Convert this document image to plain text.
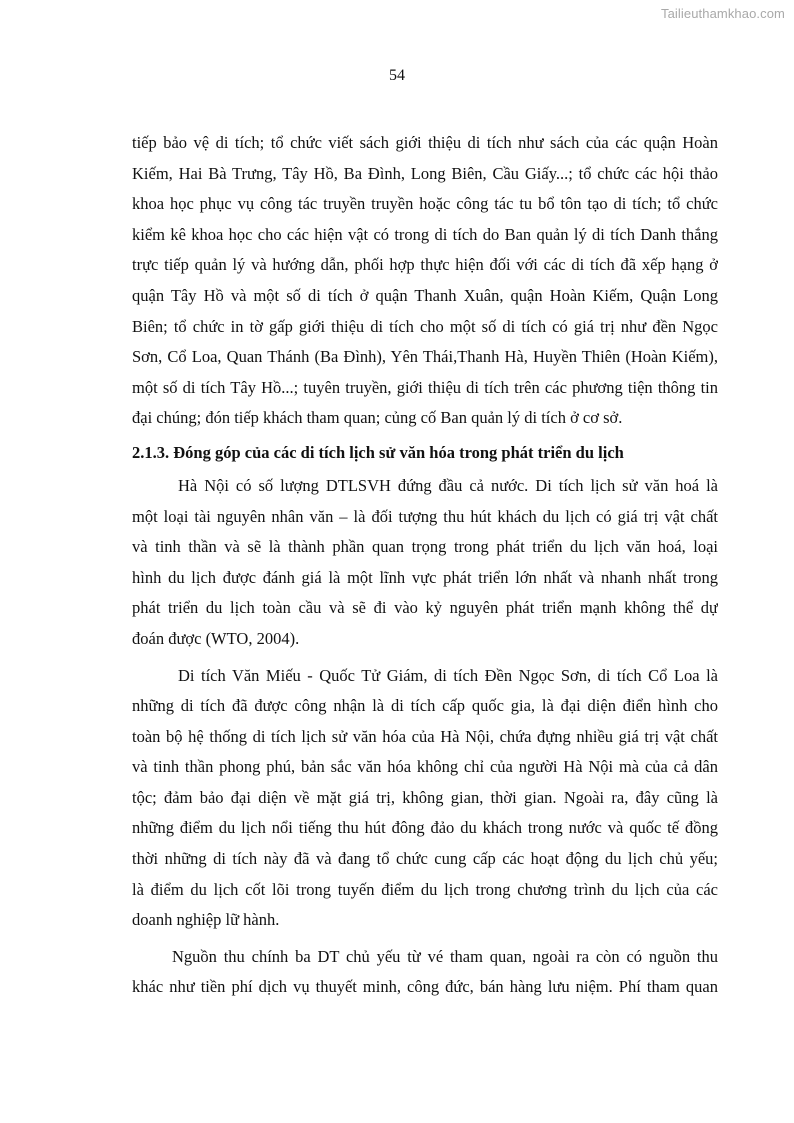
Tailieuthamkhao.com
54
tiếp bảo vệ di tích; tổ chức viết sách giới thiệu di tích như sách của các quận Hoàn
Kiếm, Hai Bà Trưng, Tây Hồ, Ba Đình, Long Biên, Cầu Giấy...; tổ chức các hội thảo
khoa học phục vụ công tác truyền truyền hoặc công tác tu bổ tôn tạo di tích; tổ chức
kiểm kê khoa học cho các hiện vật có trong di tích do Ban quản lý di tích Danh thắng
trực tiếp quản lý và hướng dẫn, phối hợp thực hiện đối với các di tích đã xếp hạng ở
quận Tây Hồ và một số di tích ở quận Thanh Xuân, quận Hoàn Kiếm, Quận Long
Biên; tổ chức in tờ gấp giới thiệu di tích cho một số di tích có giá trị như đền Ngọc
Sơn, Cổ Loa, Quan Thánh (Ba Đình), Yên Thái,Thanh Hà, Huyền Thiên (Hoàn Kiếm),
một số di tích Tây Hồ...; tuyên truyền, giới thiệu di tích trên các phương tiện thông tin
đại chúng; đón tiếp khách tham quan; củng cố Ban quản lý di tích ở cơ sở.
2.1.3. Đóng góp của các di tích lịch sử văn hóa trong phát triển du lịch
Hà Nội có số lượng DTLSVH đứng đầu cả nước. Di tích lịch sử văn hoá là
một loại tài nguyên nhân văn – là đối tượng thu hút khách du lịch có giá trị vật chất
và tinh thần và sẽ là thành phần quan trọng trong phát triển du lịch văn hoá, loại
hình du lịch được đánh giá là một lĩnh vực phát triển lớn nhất và nhanh nhất trong
phát triển du lịch toàn cầu và sẽ đi vào kỷ nguyên phát triển mạnh không thể dự
đoán được (WTO, 2004).
Di tích Văn Miếu - Quốc Tử Giám, di tích Đền Ngọc Sơn, di tích Cổ Loa là
những di tích đã được công nhận là di tích cấp quốc gia, là đại diện điển hình cho
toàn bộ hệ thống di tích lịch sử văn hóa của Hà Nội, chứa đựng nhiều giá trị vật chất
và tinh thần phong phú, bản sắc văn hóa không chỉ của người Hà Nội mà của cả dân
tộc; đảm bảo đại diện về mặt giá trị, không gian, thời gian. Ngoài ra, đây cũng là
những điểm du lịch nổi tiếng thu hút đông đảo du khách trong nước và quốc tế đồng
thời những di tích này đã và đang tổ chức cung cấp các hoạt động du lịch chủ yếu;
là điểm du lịch cốt lõi trong tuyến điểm du lịch trong chương trình du lịch của các
doanh nghiệp lữ hành.
Nguồn thu chính ba DT chủ yếu từ vé tham quan, ngoài ra còn có nguồn thu
khác như tiền phí dịch vụ thuyết minh, công đức, bán hàng lưu niệm. Phí tham quan
